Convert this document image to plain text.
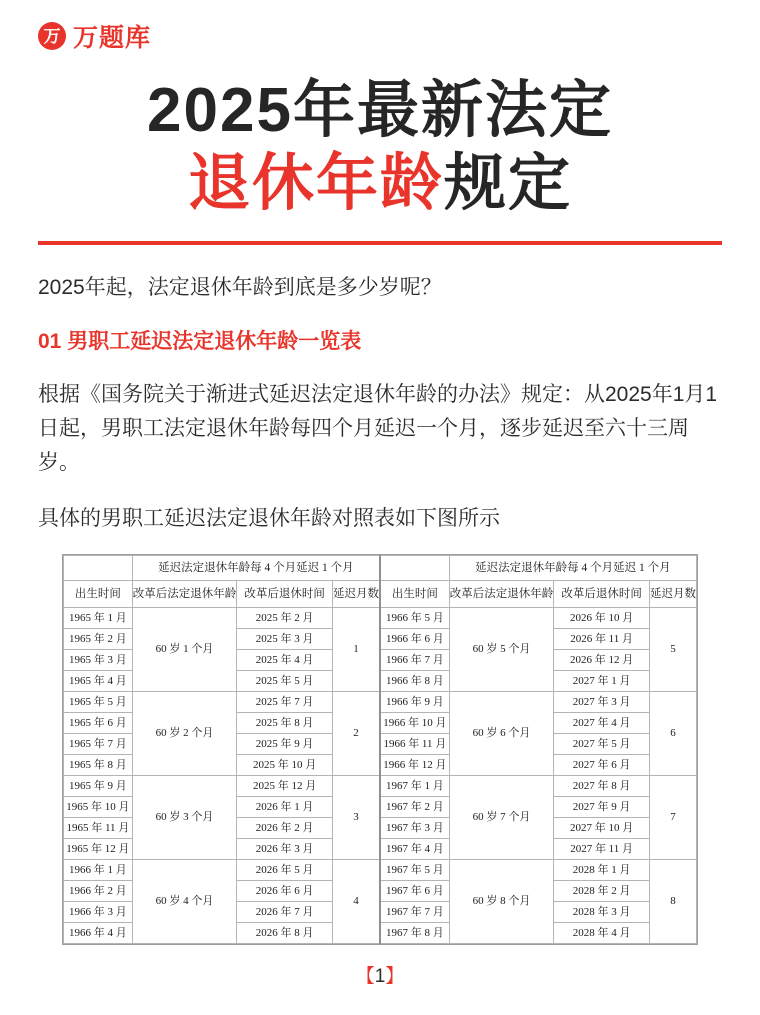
万 万题库
2025年最新法定
退休年龄规定
2025年起，法定退休年龄到底是多少岁呢？
01 男职工延迟法定退休年龄一览表
根据《国务院关于渐进式延迟法定退休年龄的办法》规定：从2025年1月1日起，男职工法定退休年龄每四个月延迟一个月，逐步延迟至六十三周岁。
具体的男职工延迟法定退休年龄对照表如下图所示
	延迟法定退休年龄每 4 个月延迟 1 个月				延迟法定退休年龄每 4 个月延迟 1 个月		
出生时间	改革后法定退休年龄	改革后退休时间	延迟月数	出生时间	改革后法定退休年龄	改革后退休时间	延迟月数
1965 年 1 月	60 岁 1 个月	2025 年 2 月	1	1966 年 5 月	60 岁 5 个月	2026 年 10 月	5
1965 年 2 月		2025 年 3 月		1966 年 6 月		2026 年 11 月	
1965 年 3 月		2025 年 4 月		1966 年 7 月		2026 年 12 月	
1965 年 4 月		2025 年 5 月		1966 年 8 月		2027 年 1 月	
1965 年 5 月	60 岁 2 个月	2025 年 7 月	2	1966 年 9 月	60 岁 6 个月	2027 年 3 月	6
1965 年 6 月		2025 年 8 月		1966 年 10 月		2027 年 4 月	
1965 年 7 月		2025 年 9 月		1966 年 11 月		2027 年 5 月	
1965 年 8 月		2025 年 10 月		1966 年 12 月		2027 年 6 月	
1965 年 9 月	60 岁 3 个月	2025 年 12 月	3	1967 年 1 月	60 岁 7 个月	2027 年 8 月	7
1965 年 10 月		2026 年 1 月		1967 年 2 月		2027 年 9 月	
1965 年 11 月		2026 年 2 月		1967 年 3 月		2027 年 10 月	
1965 年 12 月		2026 年 3 月		1967 年 4 月		2027 年 11 月	
1966 年 1 月	60 岁 4 个月	2026 年 5 月	4	1967 年 5 月	60 岁 8 个月	2028 年 1 月	8
1966 年 2 月		2026 年 6 月		1967 年 6 月		2028 年 2 月	
1966 年 3 月		2026 年 7 月		1967 年 7 月		2028 年 3 月	
1966 年 4 月		2026 年 8 月		1967 年 8 月		2028 年 4 月	
【1】
